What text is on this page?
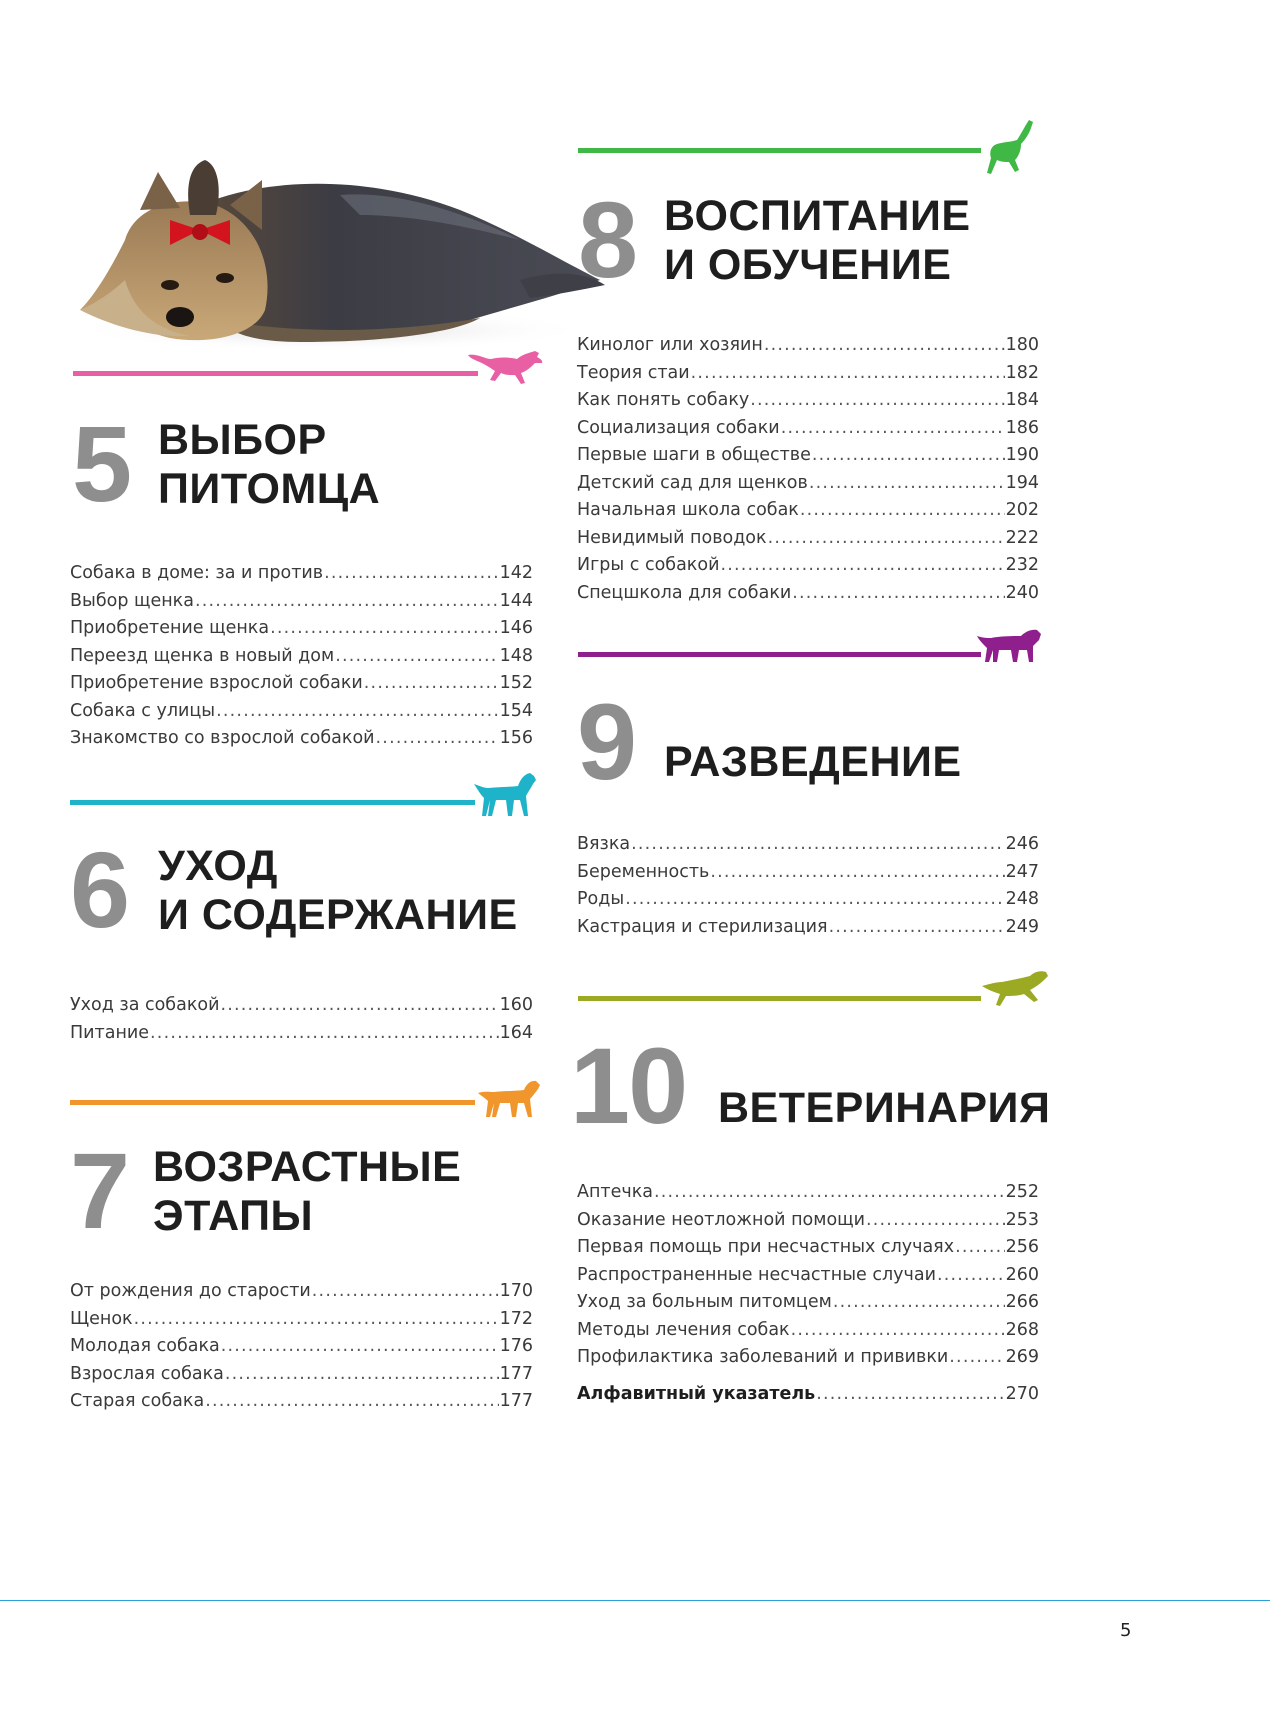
5 ВЫБОР
ПИТОМЦА
Собака в доме: за и против .....	142
Выбор щенка .....	144
Приобретение щенка .....	146
Переезд щенка в новый дом .....	148
Приобретение взрослой собаки .....	152
Собака с улицы .....	154
Знакомство со взрослой собакой .....	156
6 УХОД
И СОДЕРЖАНИЕ
Уход за собакой .....	160
Питание .....	164
7 ВОЗРАСТНЫЕ
ЭТАПЫ
От рождения до старости .....	170
Щенок .....	172
Молодая собака .....	176
Взрослая собака .....	177
Старая собака .....	177
8 ВОСПИТАНИЕ
И ОБУЧЕНИЕ
Кинолог или хозяин .....	180
Теория стаи .....	182
Как понять собаку .....	184
Социализация собаки .....	186
Первые шаги в обществе .....	190
Детский сад для щенков .....	194
Начальная школа собак .....	202
Невидимый поводок .....	222
Игры с собакой .....	232
Спецшкола для собаки .....	240
9 РАЗВЕДЕНИЕ
Вязка .....	246
Беременность .....	247
Роды .....	248
Кастрация и стерилизация .....	249
10 ВЕТЕРИНАРИЯ
Аптечка .....	252
Оказание неотложной помощи .....	253
Первая помощь при несчастных случаях .....	256
Распространенные несчастные случаи .....	260
Уход за больным питомцем .....	266
Методы лечения собак .....	268
Профилактика заболеваний и прививки .....	269
Алфавитный указатель .....	270
5
